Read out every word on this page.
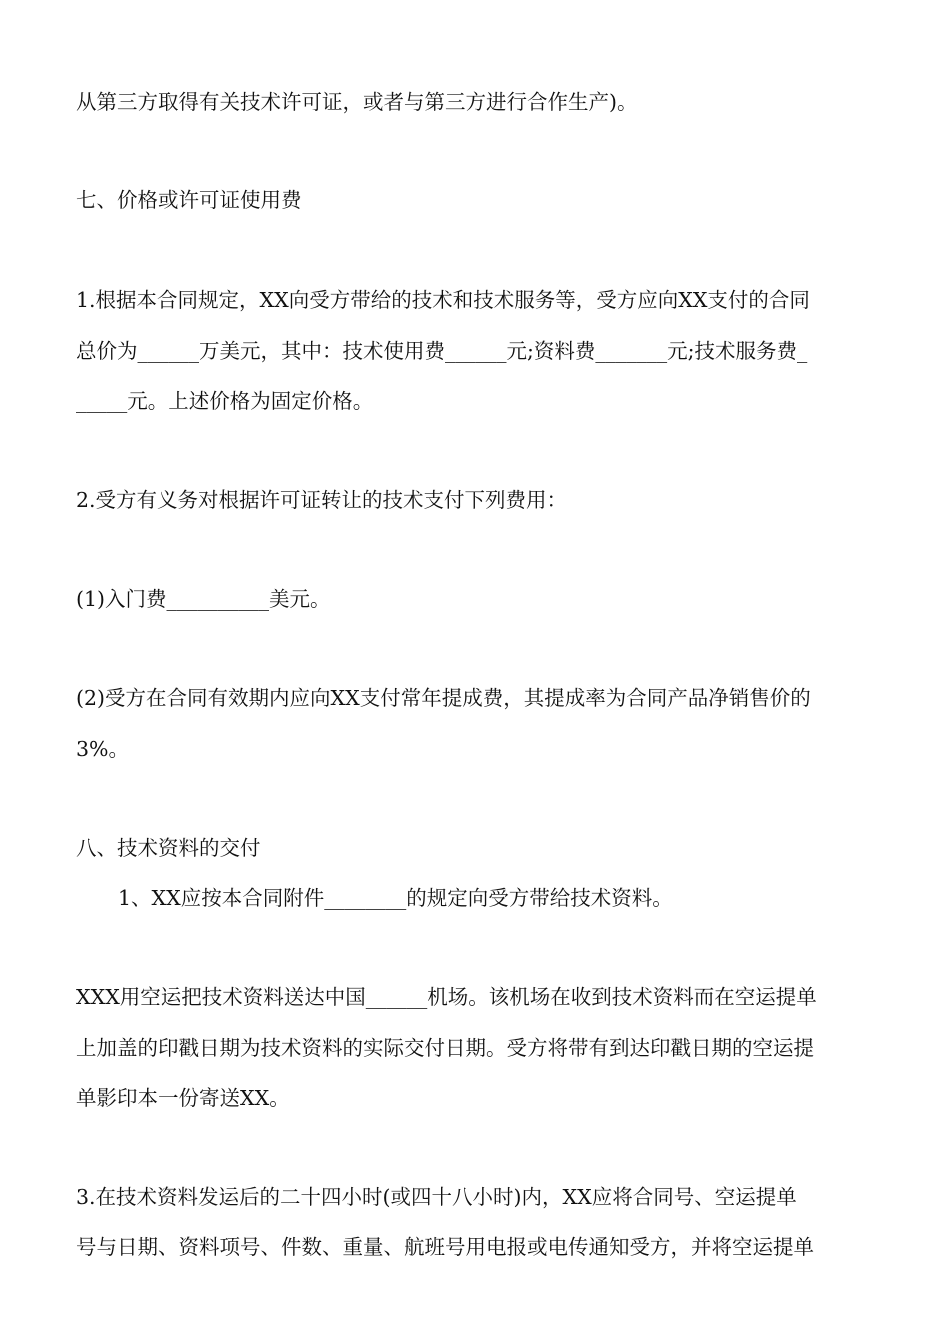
从第三方取得有关技术许可证，或者与第三方进行合作生产)。
七、价格或许可证使用费
1.根据本合同规定，XX向受方带给的技术和技术服务等，受方应向XX支付的合同
总价为______万美元，其中：技术使用费______元;资料费_______元;技术服务费_
_____元。上述价格为固定价格。
2.受方有义务对根据许可证转让的技术支付下列费用：
(1)入门费__________美元。
(2)受方在合同有效期内应向XX支付常年提成费，其提成率为合同产品净销售价的
3%。
八、技术资料的交付
1、XX应按本合同附件________的规定向受方带给技术资料。
XXX用空运把技术资料送达中国______机场。该机场在收到技术资料而在空运提单
上加盖的印戳日期为技术资料的实际交付日期。受方将带有到达印戳日期的空运提
单影印本一份寄送XX。
3.在技术资料发运后的二十四小时(或四十八小时)内，XX应将合同号、空运提单
号与日期、资料项号、件数、重量、航班号用电报或电传通知受方，并将空运提单
